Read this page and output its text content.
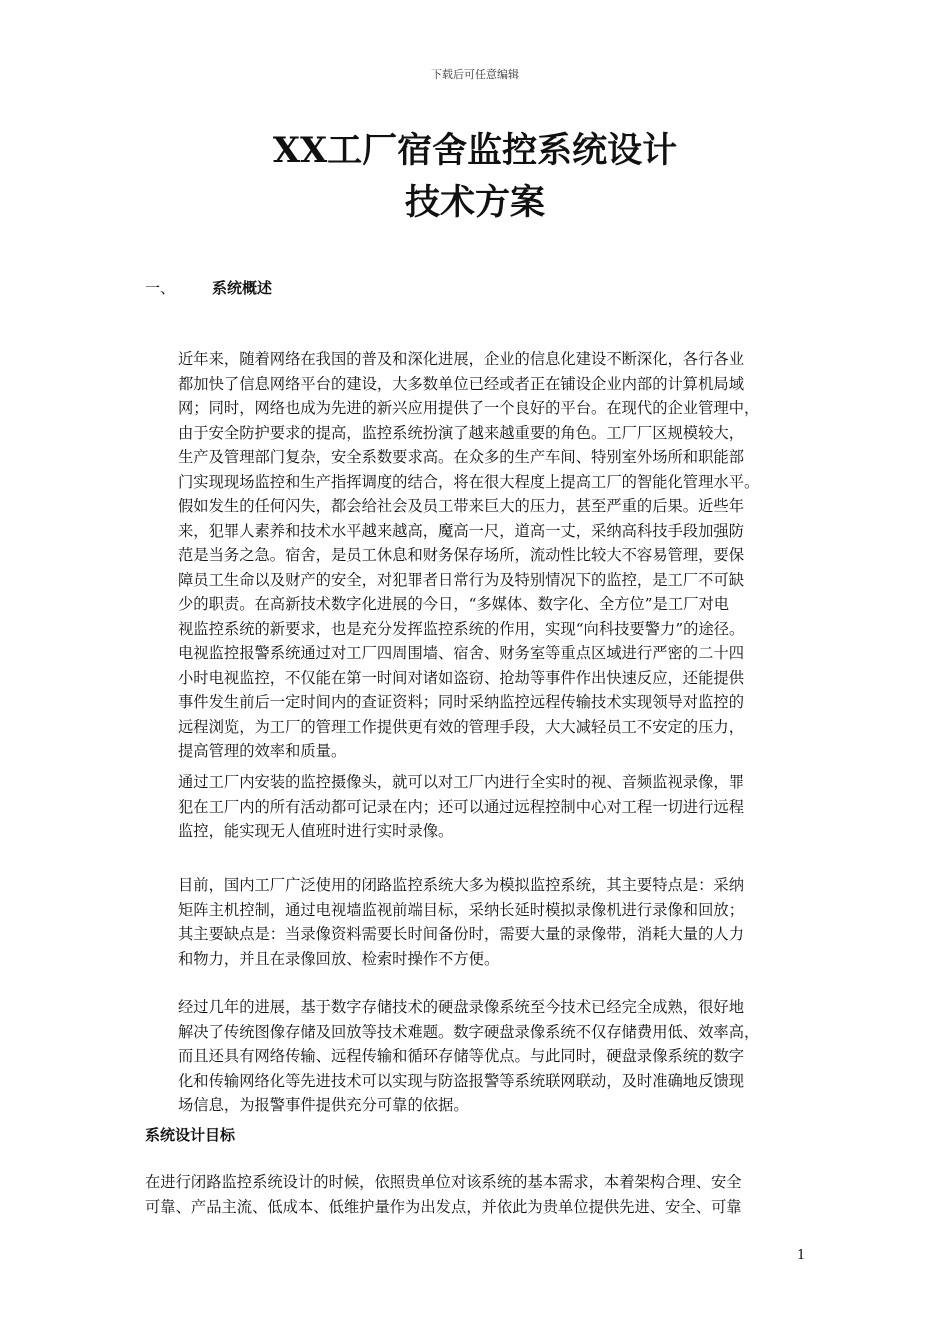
下载后可任意编辑
XX工厂宿舍监控系统设计
技术方案
一、 系统概述
近年来，随着网络在我国的普及和深化进展，企业的信息化建设不断深化，各行各业
都加快了信息网络平台的建设，大多数单位已经或者正在铺设企业内部的计算机局域
网；同时，网络也成为先进的新兴应用提供了一个良好的平台。在现代的企业管理中，
由于安全防护要求的提高，监控系统扮演了越来越重要的角色。工厂厂区规模较大，
生产及管理部门复杂，安全系数要求高。在众多的生产车间、特别室外场所和职能部
门实现现场监控和生产指挥调度的结合，将在很大程度上提高工厂的智能化管理水平。
假如发生的任何闪失，都会给社会及员工带来巨大的压力，甚至严重的后果。近些年
来，犯罪人素养和技术水平越来越高，魔高一尺，道高一丈，采纳高科技手段加强防
范是当务之急。宿舍，是员工休息和财务保存场所，流动性比较大不容易管理，要保
障员工生命以及财产的安全，对犯罪者日常行为及特别情况下的监控，是工厂不可缺
少的职责。在高新技术数字化进展的今日，“多媒体、数字化、全方位”是工厂对电
视监控系统的新要求，也是充分发挥监控系统的作用，实现“向科技要警力”的途径。
电视监控报警系统通过对工厂四周围墙、宿舍、财务室等重点区域进行严密的二十四
小时电视监控，不仅能在第一时间对诸如盗窃、抢劫等事件作出快速反应，还能提供
事件发生前后一定时间内的查证资料；同时采纳监控远程传输技术实现领导对监控的
远程浏览，为工厂的管理工作提供更有效的管理手段，大大减轻员工不安定的压力，
提高管理的效率和质量。
通过工厂内安装的监控摄像头，就可以对工厂内进行全实时的视、音频监视录像，罪
犯在工厂内的所有活动都可记录在内；还可以通过远程控制中心对工程一切进行远程
监控，能实现无人值班时进行实时录像。
目前，国内工厂广泛使用的闭路监控系统大多为模拟监控系统，其主要特点是：采纳
矩阵主机控制，通过电视墙监视前端目标，采纳长延时模拟录像机进行录像和回放；
其主要缺点是：当录像资料需要长时间备份时，需要大量的录像带，消耗大量的人力
和物力，并且在录像回放、检索时操作不方便。
经过几年的进展，基于数字存储技术的硬盘录像系统至今技术已经完全成熟，很好地
解决了传统图像存储及回放等技术难题。数字硬盘录像系统不仅存储费用低、效率高，
而且还具有网络传输、远程传输和循环存储等优点。与此同时，硬盘录像系统的数字
化和传输网络化等先进技术可以实现与防盗报警等系统联网联动，及时准确地反馈现
场信息，为报警事件提供充分可靠的依据。
系统设计目标
在进行闭路监控系统设计的时候，依照贵单位对该系统的基本需求，本着架构合理、安全
可靠、产品主流、低成本、低维护量作为出发点，并依此为贵单位提供先进、安全、可靠
1
